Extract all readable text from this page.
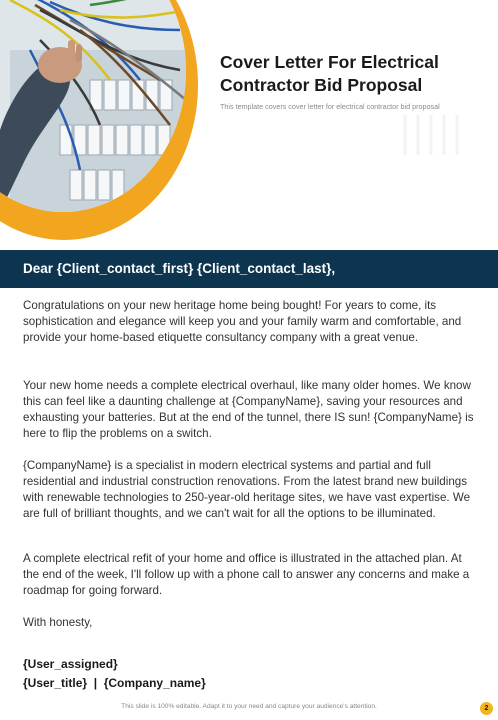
Cover Letter For Electrical Contractor Bid Proposal
This template covers cover letter for electrical contractor bid proposal
Dear {Client_contact_first} {Client_contact_last},

Congratulations on your new heritage home being bought! For years to come, its sophistication and elegance will keep you and your family warm and comfortable, and provide your home-based etiquette consultancy company with a great venue.

Your new home needs a complete electrical overhaul, like many older homes. We know this can feel like a daunting challenge at {CompanyName}, saving your resources and exhausting your batteries. But at the end of the tunnel, there IS sun! {CompanyName} is here to flip the problems on a switch.

{CompanyName} is a specialist in modern electrical systems and partial and full residential and industrial construction renovations. From the latest brand new buildings with renewable technologies to 250-year-old heritage sites, we have vast expertise. We are full of brilliant thoughts, and we can't wait for all the options to be illuminated.

A complete electrical refit of your home and office is illustrated in the attached plan. At the end of the week, I'll follow up with a phone call to answer any concerns and make a roadmap for going forward.

With honesty,

{User_assigned}
{User_title}  |  {Company_name}
This slide is 100% editable. Adapt it to your need and capture your audience's attention.	2
